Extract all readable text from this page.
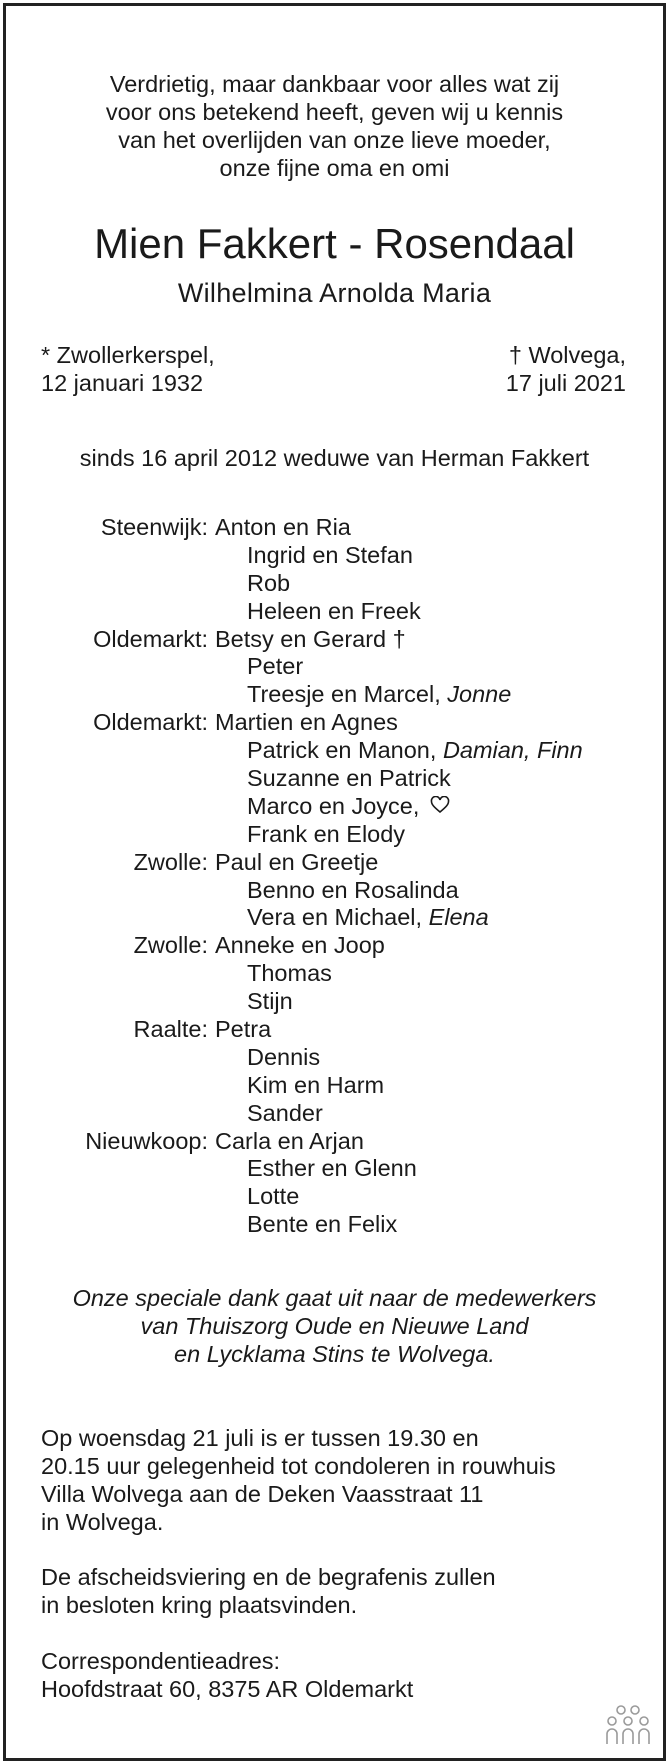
Verdrietig, maar dankbaar voor alles wat zij
voor ons betekend heeft, geven wij u kennis
van het overlijden van onze lieve moeder,
onze fijne oma en omi
Mien Fakkert - Rosendaal
Wilhelmina Arnolda Maria
* Zwollerkerspel,
12 januari 1932
† Wolvega,
17 juli 2021
sinds 16 april 2012 weduwe van Herman Fakkert
Steenwijk: Anton en Ria
Ingrid en Stefan
Rob
Heleen en Freek
Oldemarkt: Betsy en Gerard †
Peter
Treesje en Marcel, Jonne
Oldemarkt: Martien en Agnes
Patrick en Manon, Damian, Finn
Suzanne en Patrick
Marco en Joyce,
Frank en Elody
Zwolle: Paul en Greetje
Benno en Rosalinda
Vera en Michael, Elena
Zwolle: Anneke en Joop
Thomas
Stijn
Raalte: Petra
Dennis
Kim en Harm
Sander
Nieuwkoop: Carla en Arjan
Esther en Glenn
Lotte
Bente en Felix
Onze speciale dank gaat uit naar de medewerkers
van Thuiszorg Oude en Nieuwe Land
en Lycklama Stins te Wolvega.
Op woensdag 21 juli is er tussen 19.30 en
20.15 uur gelegenheid tot condoleren in rouwhuis
Villa Wolvega aan de Deken Vaasstraat 11
in Wolvega.
De afscheidsviering en de begrafenis zullen
in besloten kring plaatsvinden.
Correspondentieadres:
Hoofdstraat 60, 8375 AR Oldemarkt
